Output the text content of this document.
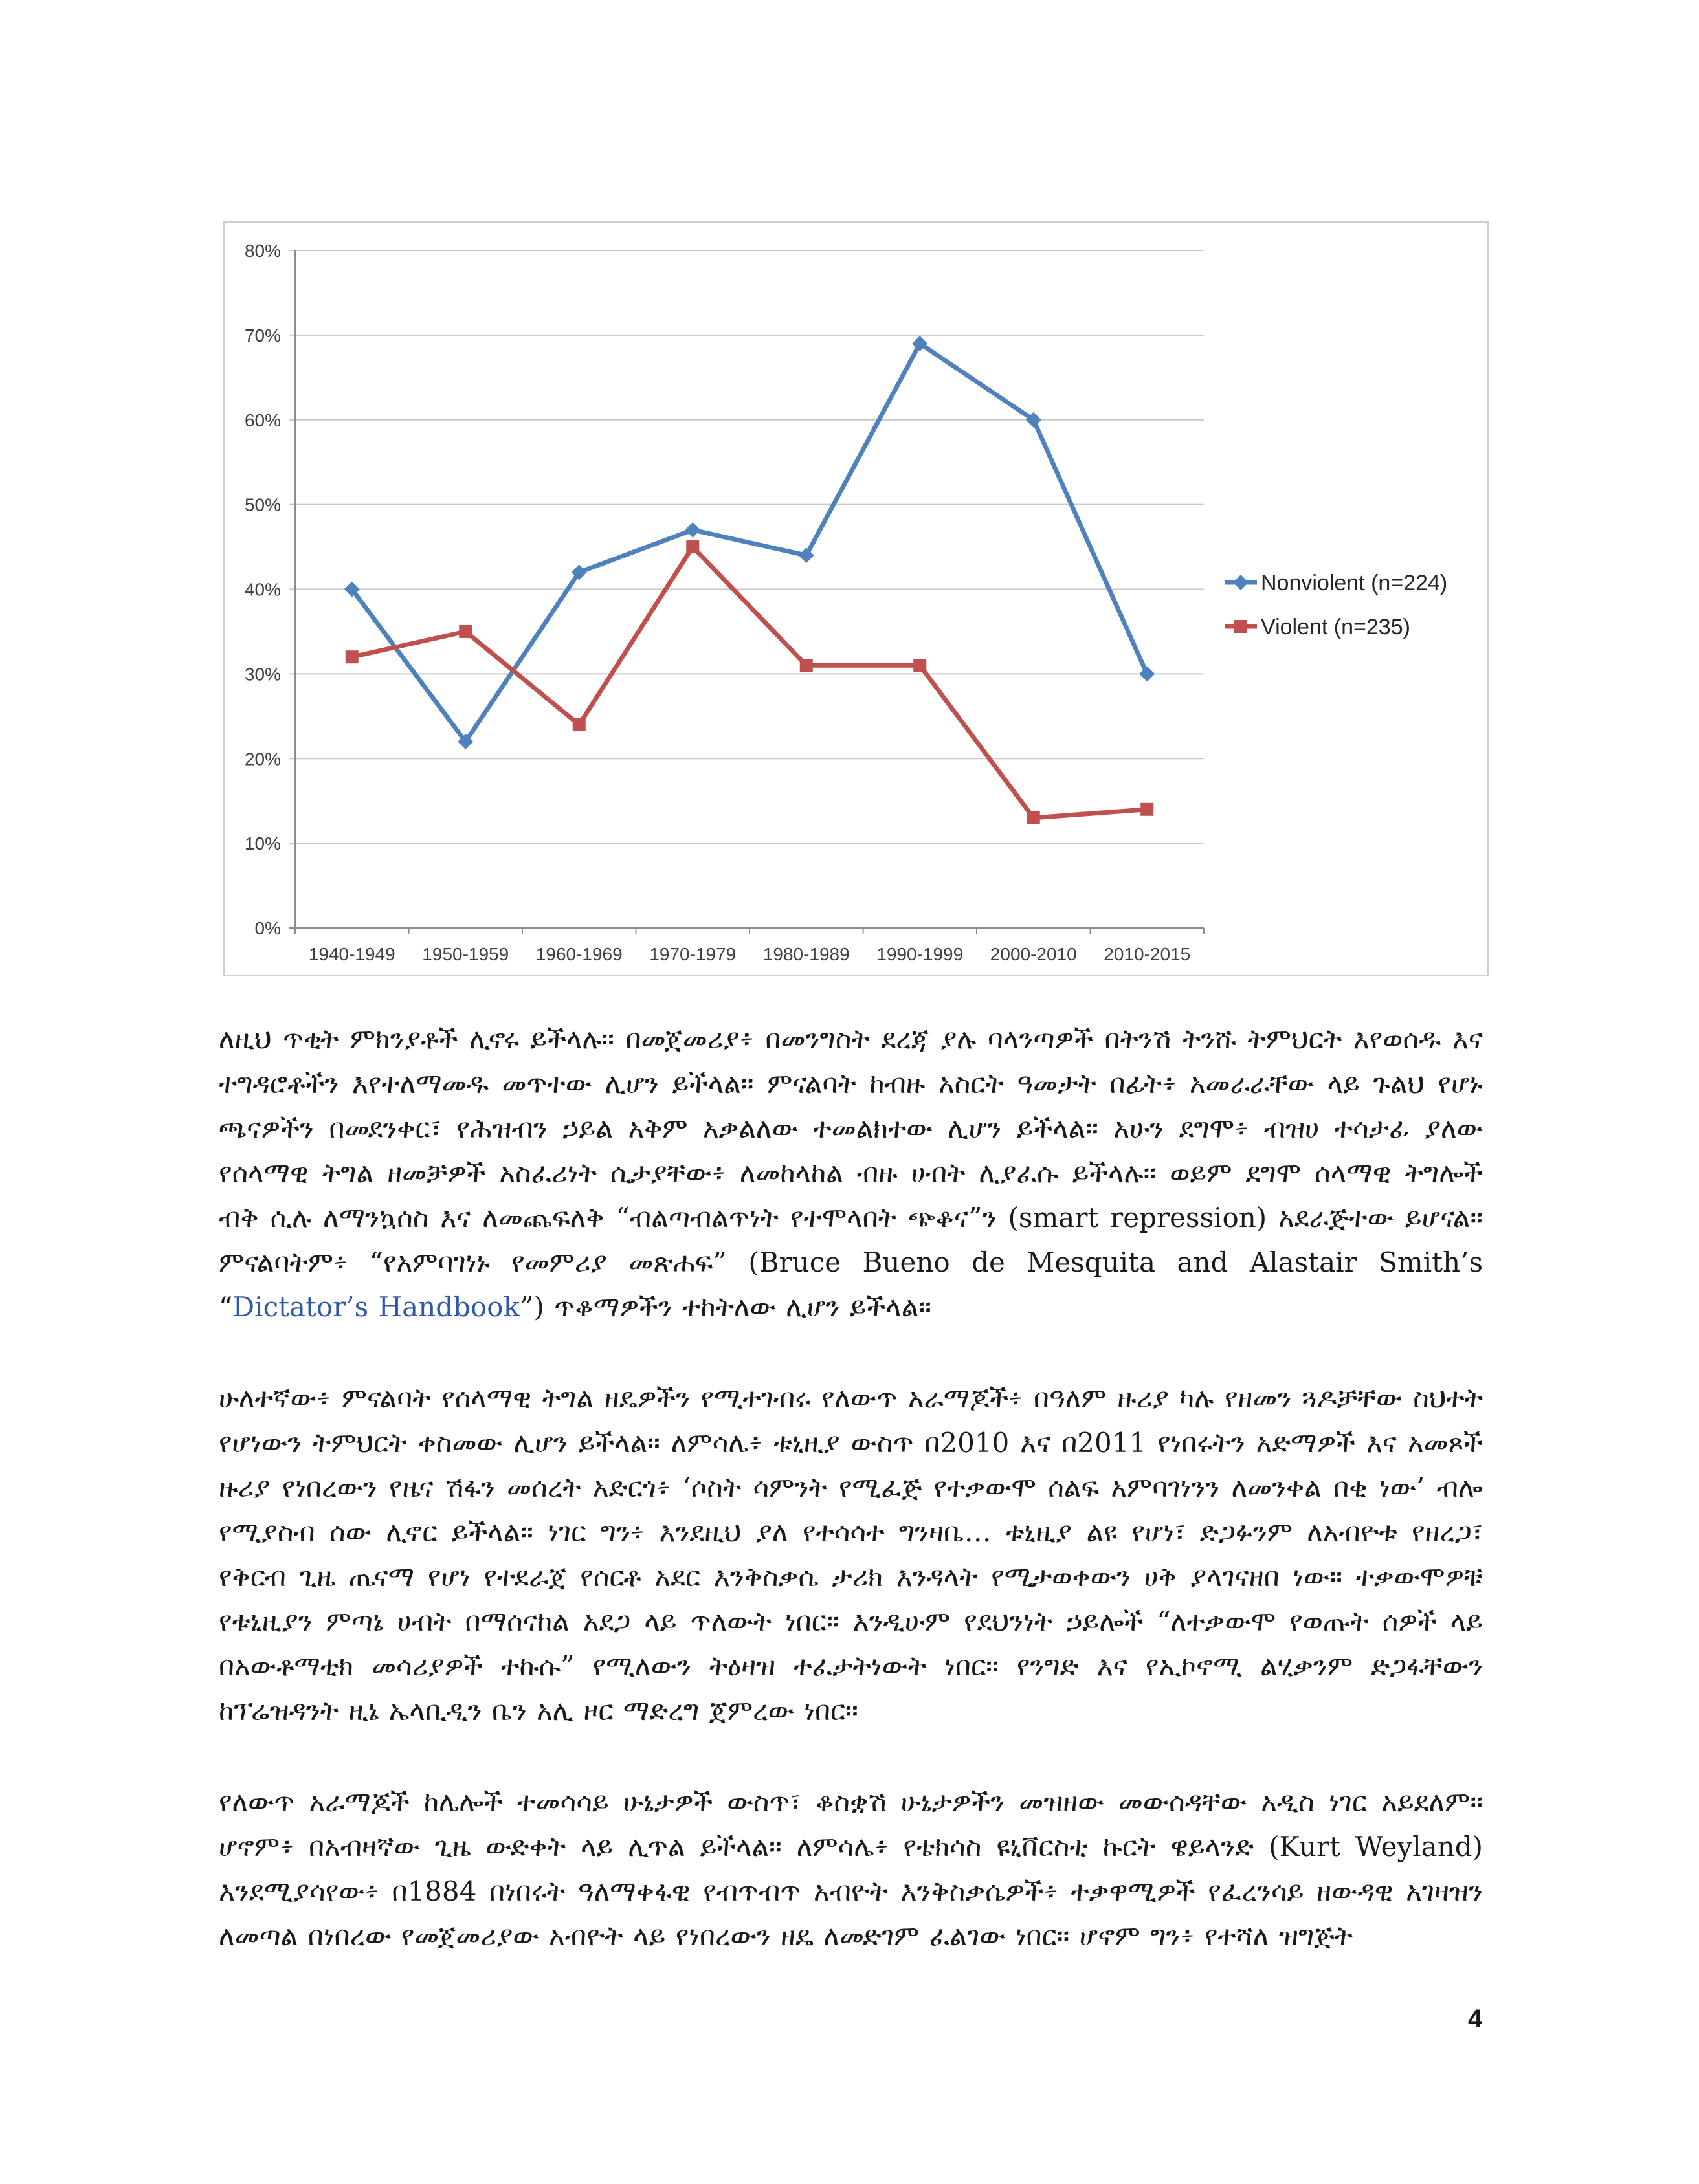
0%
10%
20%
30%
40%
50%
60%
70%
80%
1940-1949 1950-1959 1960-1969 1970-1979 1980-1989 1990-1999 2000-2010 2010-2015
Nonviolent (n=224)
Violent (n=235)

ለዚህ ጥቂት ምክንያቶች ሊኖሩ ይችላሉ። በመጀመሪያ፥ በመንግስት ደረጃ ያሉ ባላንጣዎች በትንሽ ትንሹ ትምህርት እየወሰዱ እና ተግዳሮቶችን እየተለማመዱ መጥተው ሊሆን ይችላል። ምናልባት ከብዙ አስርት ዓመታት በፊት፥ አመራራቸው ላይ ጉልህ የሆኑ ጫናዎችን በመደንቀር፣ የሕዝብን ኃይል አቅም አቃልለው ተመልክተው ሊሆን ይችላል። አሁን ደግሞ፥ ብዝሀ ተሳታፊ ያለው የሰላማዊ ትግል ዘመቻዎች አስፈሪነት ሲታያቸው፥ ለመከላከል ብዙ ሀብት ሊያፈሱ ይችላሉ። ወይም ደግሞ ሰላማዊ ትግሎች ብቅ ሲሉ ለማንኳሰስ እና ለመጨፍለቅ “ብልጣብልጥነት የተሞላበት ጭቆና”ን (smart repression) አደራጅተው ይሆናል። ምናልባትም፥ “የአምባገነኑ የመምሪያ መጽሐፍ” (Bruce Bueno de Mesquita and Alastair Smith’s “Dictator’s Handbook”) ጥቆማዎችን ተከትለው ሊሆን ይችላል።

ሁለተኛው፥ ምናልባት የሰላማዊ ትግል ዘዴዎችን የሚተገብሩ የለውጥ አራማጆች፥ በዓለም ዙሪያ ካሉ የዘመን ጓዶቻቸው ስህተት የሆነውን ትምህርት ቀስመው ሊሆን ይችላል። ለምሳሌ፥ ቱኒዚያ ውስጥ በ2010 እና በ2011 የነበሩትን አድማዎች እና አመጾች ዙሪያ የነበረውን የዜና ሽፋን መሰረት አድርጎ፥ ‘ሶስት ሳምንት የሚፈጅ የተቃውሞ ሰልፍ አምባገነንን ለመንቀል በቂ ነው’ ብሎ የሚያስብ ሰው ሊኖር ይችላል። ነገር ግን፥ እንደዚህ ያለ የተሳሳተ ግንዛቤ… ቱኒዚያ ልዩ የሆነ፣ ድጋፉንም ለአብዮቱ የዘረጋ፣ የቅርብ ጊዜ ጤናማ የሆነ የተደራጀ የሰርቶ አደር እንቅስቃሴ ታሪክ እንዳላት የሚታወቀውን ሀቅ ያላገናዘበ ነው። ተቃውሞዎቹ የቱኒዚያን ምጣኔ ሀብት በማሰናከል አደጋ ላይ ጥለውት ነበር። እንዲሁም የደህንነት ኃይሎች “ለተቃውሞ የወጡት ሰዎች ላይ በአውቶማቲክ መሳሪያዎች ተኩሱ” የሚለውን ትዕዛዝ ተፈታትነውት ነበር። የንግድ እና የኢኮኖሚ ልሂቃንም ድጋፋቸውን ከፕሬዝዳንት ዚኔ ኤላቢዲን ቤን አሊ ዞር ማድረግ ጀምረው ነበር።

የለውጥ አራማጆች ከሌሎች ተመሳሳይ ሁኔታዎች ውስጥ፣ ቆስቋሽ ሁኔታዎችን መዝዘው መውሰዳቸው አዲስ ነገር አይደለም። ሆኖም፥ በአብዛኛው ጊዜ ውድቀት ላይ ሊጥል ይችላል። ለምሳሌ፥ የቴክሳስ ዩኒቨርስቲ ኩርት ዌይላንድ (Kurt Weyland) እንደሚያሳየው፥ በ1884 በነበሩት ዓለማቀፋዊ የብጥብጥ አብዮት እንቅስቃሴዎች፥ ተቃዋሚዎች የፈረንሳይ ዘውዳዊ አገዛዝን ለመጣል በነበረው የመጀመሪያው አብዮት ላይ የነበረውን ዘዴ ለመድገም ፈልገው ነበር። ሆኖም ግን፥ የተሻለ ዝግጅት

4
